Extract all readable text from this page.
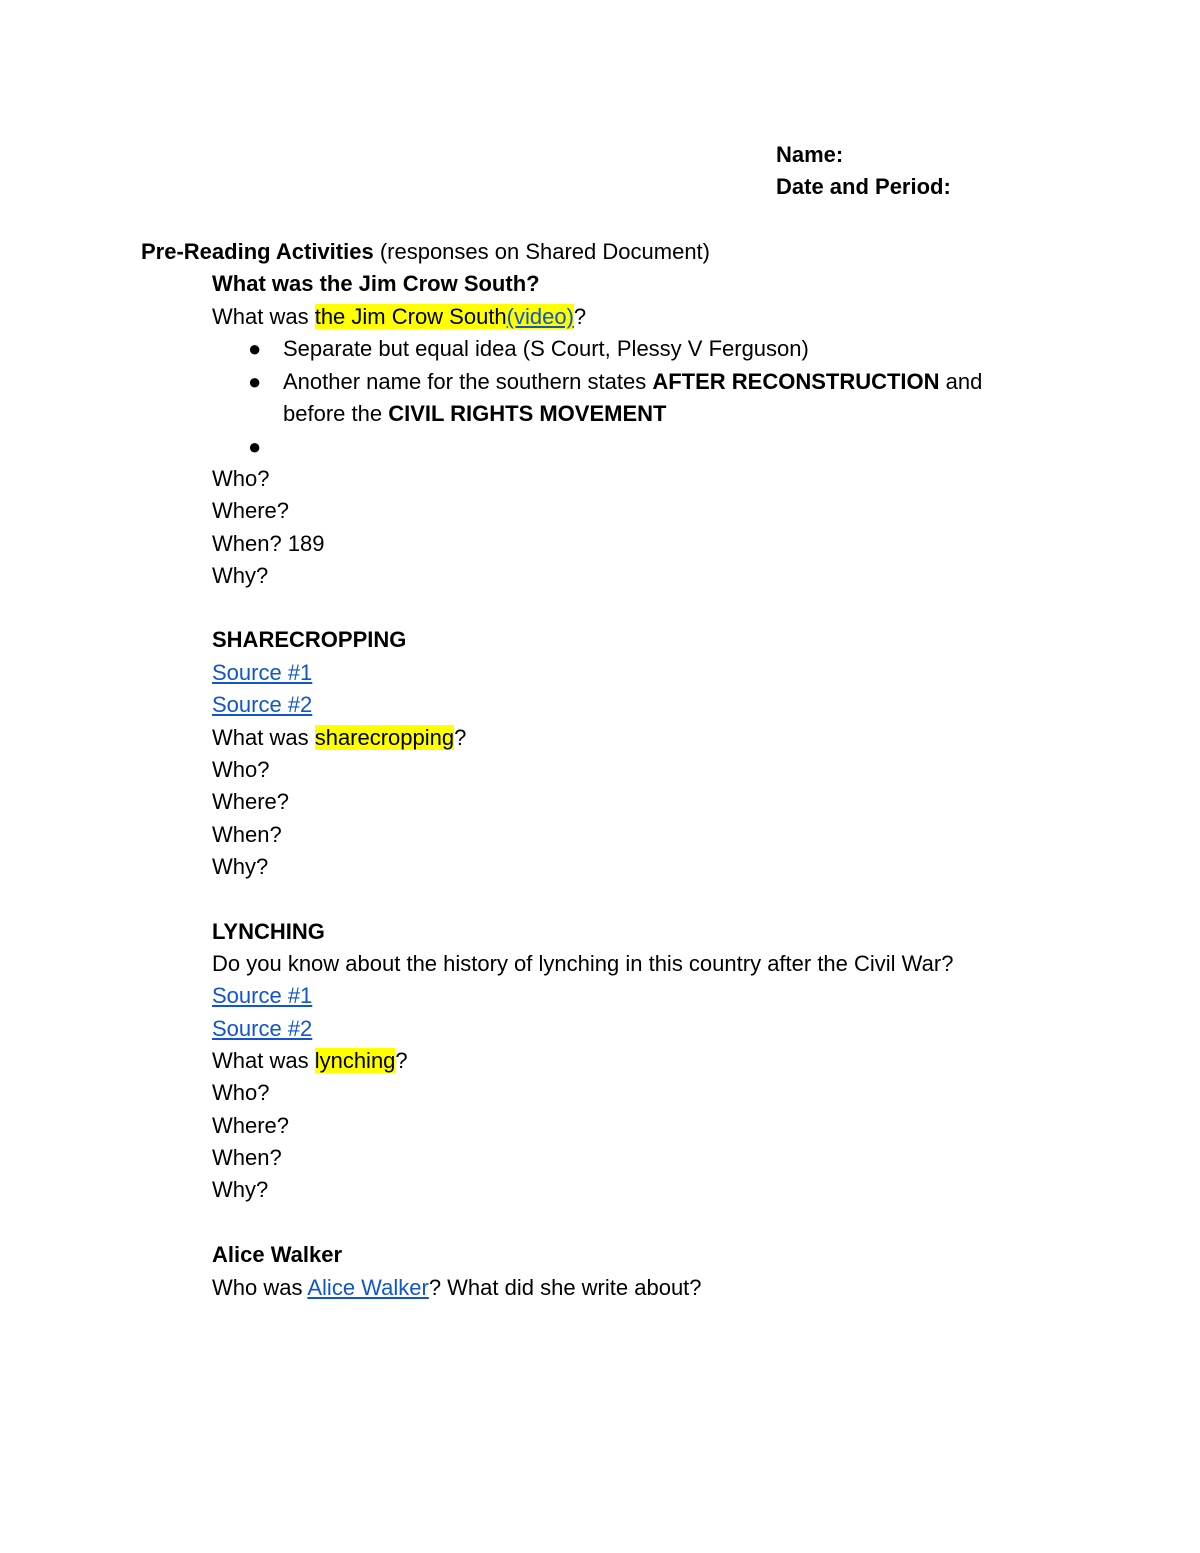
Name:
Date and Period:
Pre-Reading Activities (responses on Shared Document)
What was the Jim Crow South?
What was the Jim Crow South(video)?
● Separate but equal idea (S Court, Plessy V Ferguson)
● Another name for the southern states AFTER RECONSTRUCTION and
before the CIVIL RIGHTS MOVEMENT
●
Who?
Where?
When? 189
Why?
SHARECROPPING
Source #1
Source #2
What was sharecropping?
Who?
Where?
When?
Why?
LYNCHING
Do you know about the history of lynching in this country after the Civil War?
Source #1
Source #2
What was lynching?
Who?
Where?
When?
Why?
Alice Walker
Who was Alice Walker? What did she write about?
